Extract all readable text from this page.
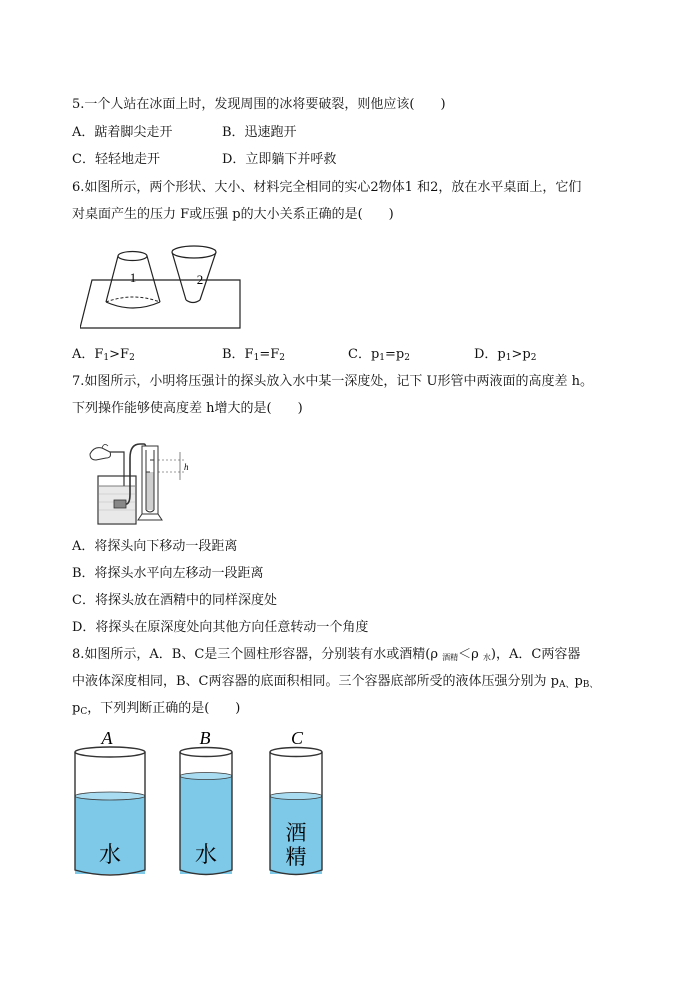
5.一个人站在冰面上时，发现周围的冰将要破裂，则他应该(　　)
A．踮着脚尖走开	B．迅速跑开
C．轻轻地走开	D．立即躺下并呼救
6.如图所示，两个形状、大小、材料完全相同的实心2物体1 和2，放在水平桌面上，它们
对桌面产生的压力 F或压强 p的大小关系正确的是(　　)
1	2
A．$F_1>F_2$	B．$F_1=F_2$	C．$p_1=p_2$	D．$p_1>p_2$
7.如图所示，小明将压强计的探头放入水中某一深度处，记下 U形管中两液面的高度差 h。
下列操作能够使高度差 h增大的是(　　)
h
A．将探头向下移动一段距离
B．将探头水平向左移动一段距离
C．将探头放在酒精中的同样深度处
D．将探头在原深度处向其他方向任意转动一个角度
8.如图所示，A．B、C是三个圆柱形容器，分别装有水或酒精(ρ $_{酒精}$＜ρ $_水$)，A．C两容器
中液体深度相同，B、C两容器的底面积相同。三个容器底部所受的液体压强分别为 $p_{A、}p_{B、}$
$p_C$，下列判断正确的是(　　)
A
水
B
水
C
酒
精
